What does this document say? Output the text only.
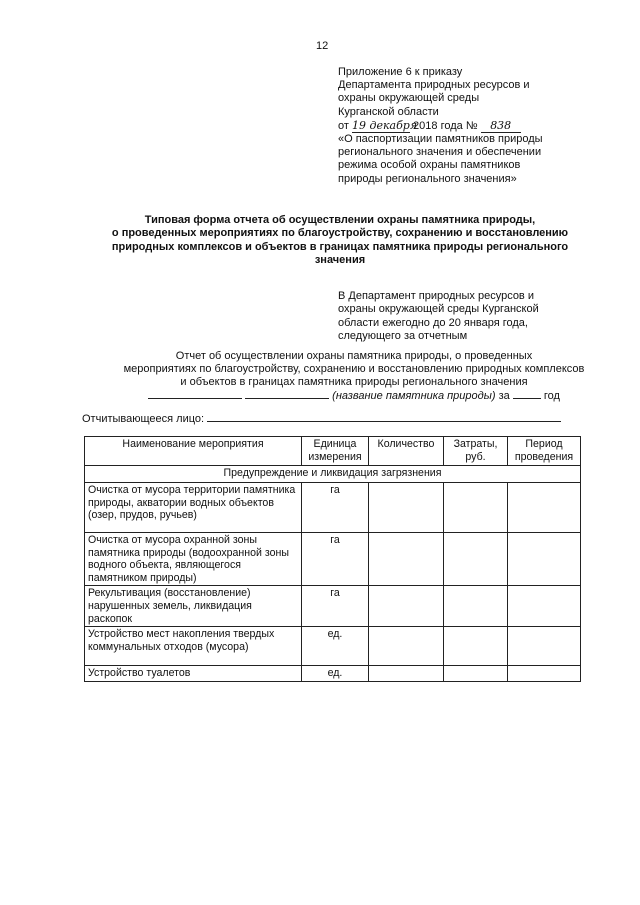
12
Приложение 6 к приказу
Департамента природных ресурсов и
охраны окружающей среды
Курганской области
от 19 декабря 2018 года № 838
«О паспортизации памятников природы
регионального значения и обеспечении
режима особой охраны памятников
природы регионального значения»
Типовая форма отчета об осуществлении охраны памятника природы,
о проведенных мероприятиях по благоустройству, сохранению и восстановлению
природных комплексов и объектов в границах памятника природы регионального
значения
В Департамент природных ресурсов и
охраны окружающей среды Курганской
области ежегодно до 20 января года,
следующего за отчетным
Отчет об осуществлении охраны памятника природы, о проведенных
мероприятиях по благоустройству, сохранению и восстановлению природных комплексов
и объектов в границах памятника природы регионального значения
(название памятника природы) за	год
Отчитывающееся лицо:
Наименование мероприятия	Единица измерения	Количество	Затраты, руб.	Период проведения
Предупреждение и ликвидация загрязнения				
Очистка от мусора территории памятника природы, акватории водных объектов (озер, прудов, ручьев)	га			
Очистка от мусора охранной зоны памятника природы (водоохранной зоны водного объекта, являющегося памятником природы)	га			
Рекультивация (восстановление) нарушенных земель, ликвидация раскопок	га			
Устройство мест накопления твердых коммунальных отходов (мусора)	ед.			
Устройство туалетов	ед.			
